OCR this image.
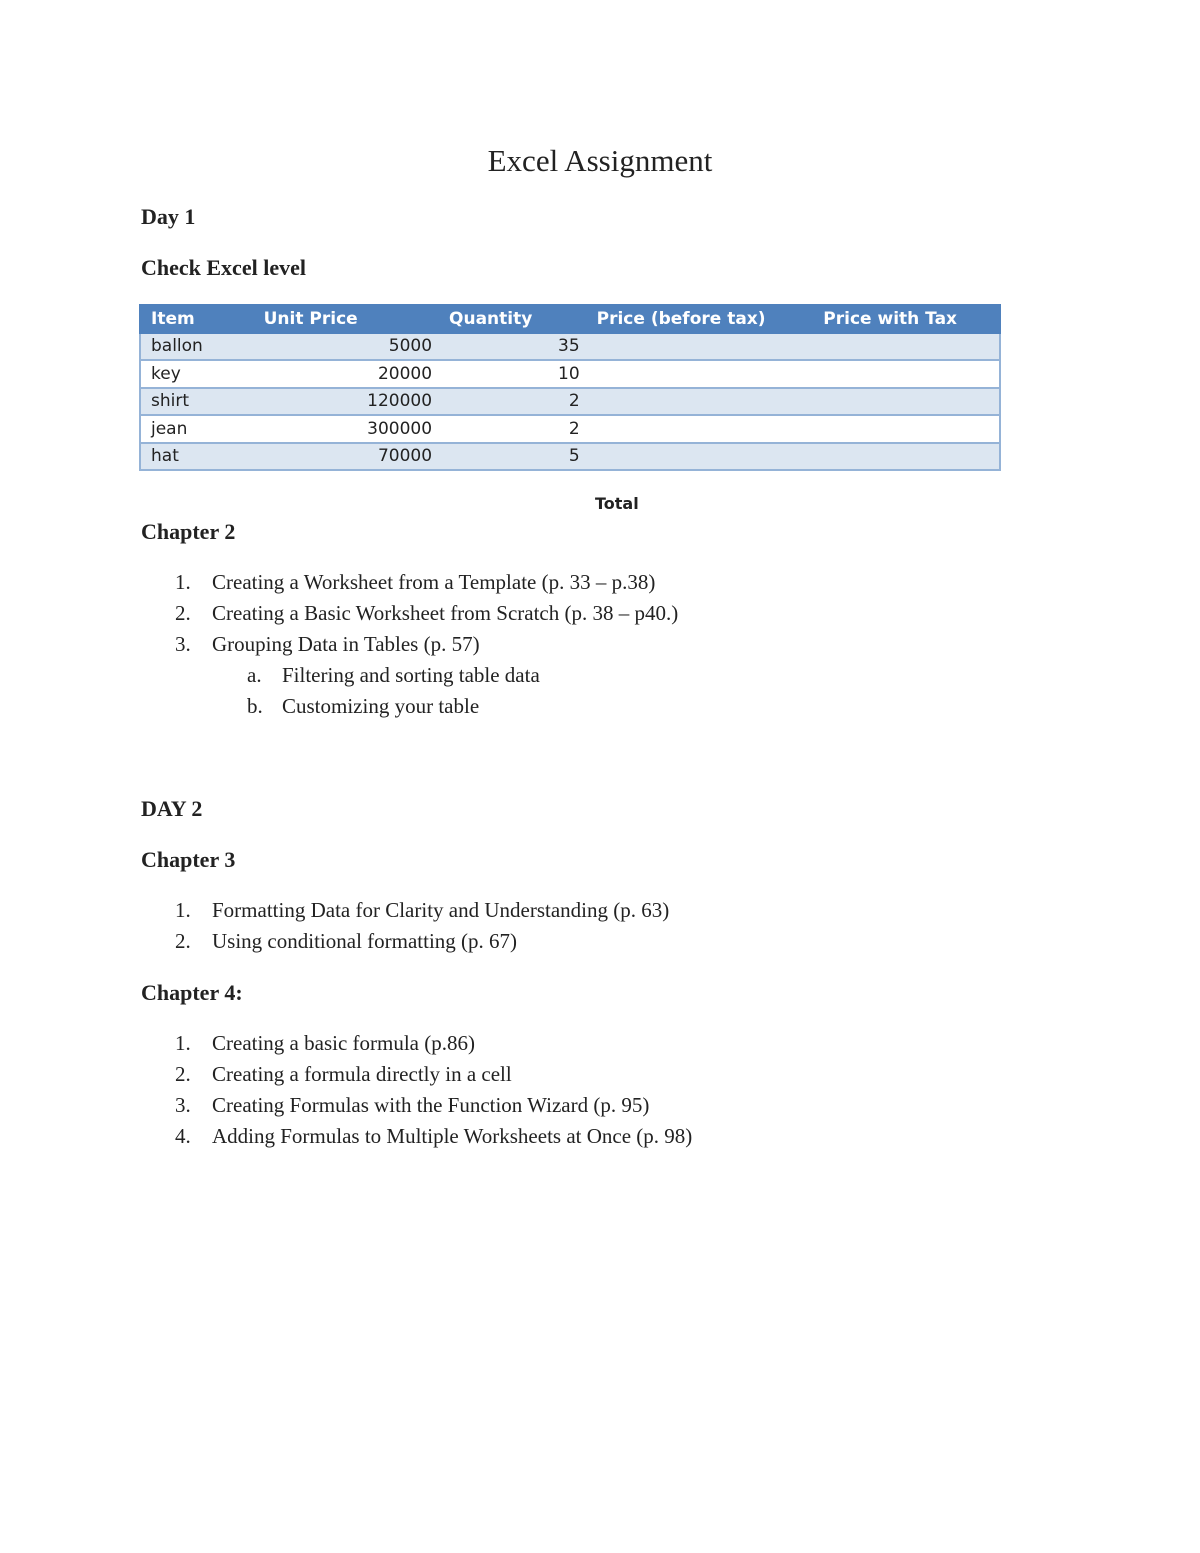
Excel Assignment
Day 1
Check Excel level
Item	Unit Price	Quantity	Price (before tax)	Price with Tax
ballon	5000	35		
key	20000	10		
shirt	120000	2		
jean	300000	2		
hat	70000	5		
Total
Chapter 2
1. Creating a Worksheet from a Template (p. 33 – p.38)
2. Creating a Basic Worksheet from Scratch (p. 38 – p40.)
3. Grouping Data in Tables (p. 57)
a. Filtering and sorting table data
b. Customizing your table
DAY 2
Chapter 3
1. Formatting Data for Clarity and Understanding (p. 63)
2. Using conditional formatting (p. 67)
Chapter 4:
1. Creating a basic formula (p.86)
2. Creating a formula directly in a cell
3. Creating Formulas with the Function Wizard (p. 95)
4. Adding Formulas to Multiple Worksheets at Once (p. 98)
